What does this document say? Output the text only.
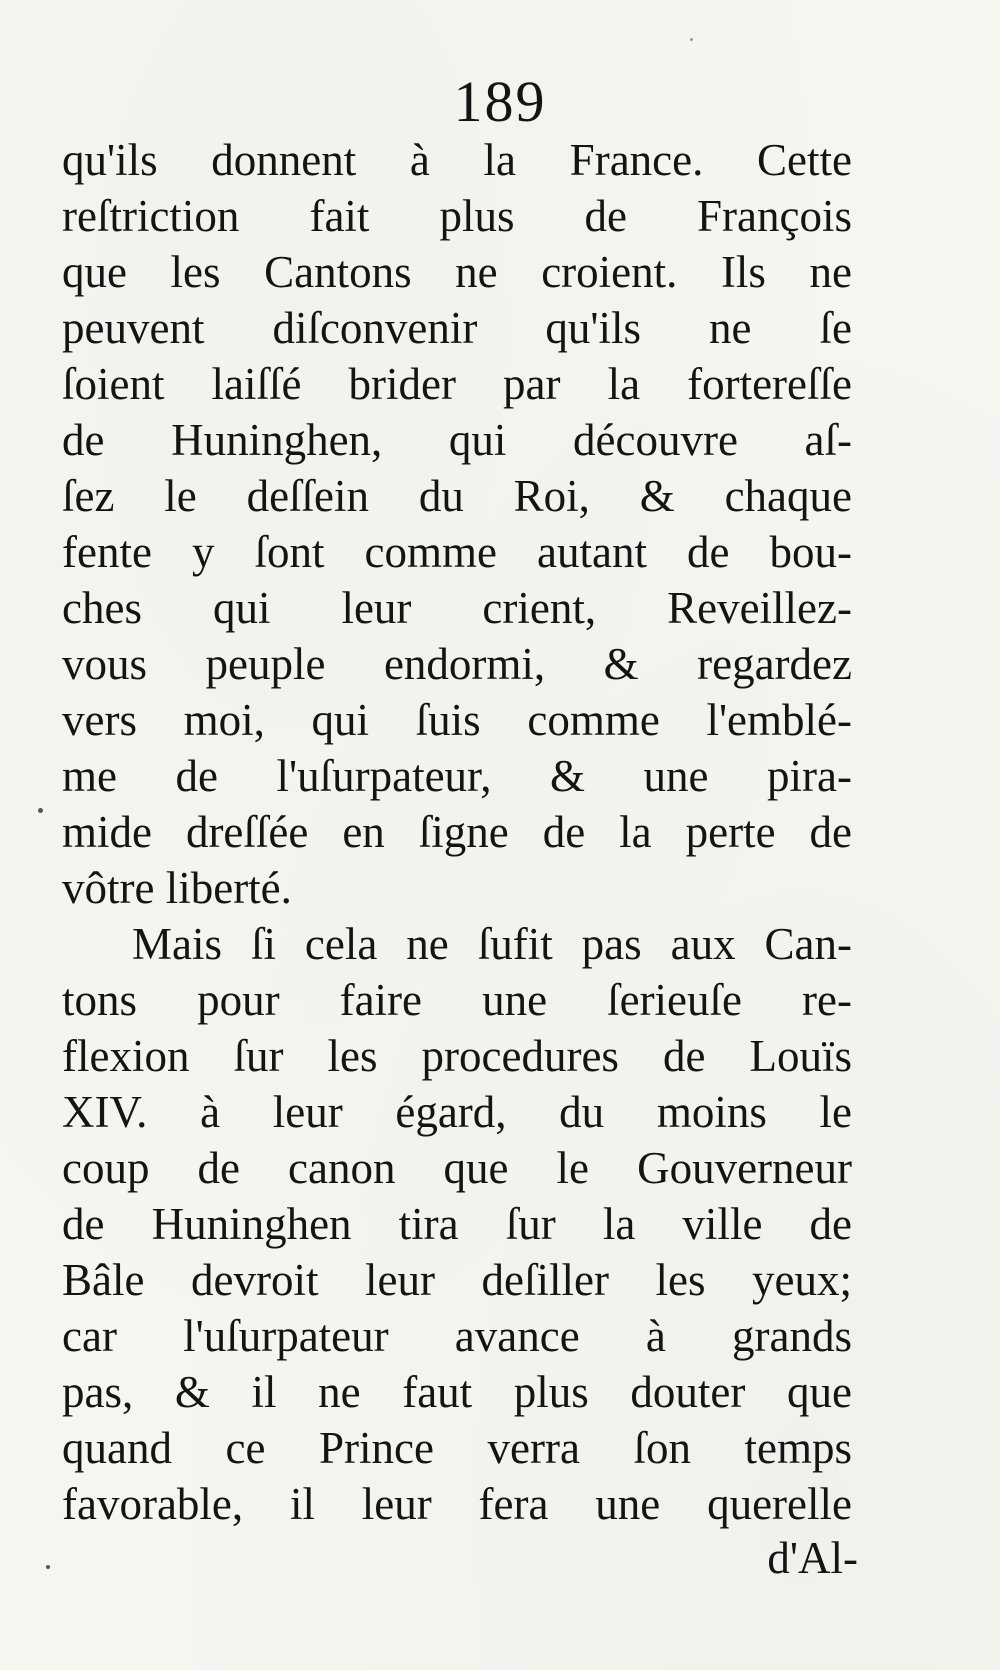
189
qu'ils donnent à la France. Cette
reſtriction fait plus de François
que les Cantons ne croient. Ils ne
peuvent diſconvenir qu'ils ne ſe
ſoient laiſſé brider par la fortereſſe
de Huninghen, qui découvre aſ-
ſez le deſſein du Roi, & chaque
fente y ſont comme autant de bou-
ches qui leur crient, Reveillez-
vous peuple endormi, & regardez
vers moi, qui ſuis comme l'emblé-
me de l'uſurpateur, & une pira-
mide dreſſée en ſigne de la perte de
vôtre liberté.
Mais ſi cela ne ſufit pas aux Can-
tons pour faire une ſerieuſe re-
flexion ſur les procedures de Louïs
XIV. à leur égard, du moins le
coup de canon que le Gouverneur
de Huninghen tira ſur la ville de
Bâle devroit leur deſiller les yeux;
car l'uſurpateur avance à grands
pas, & il ne faut plus douter que
quand ce Prince verra ſon temps
favorable, il leur fera une querelle
d'Al-
